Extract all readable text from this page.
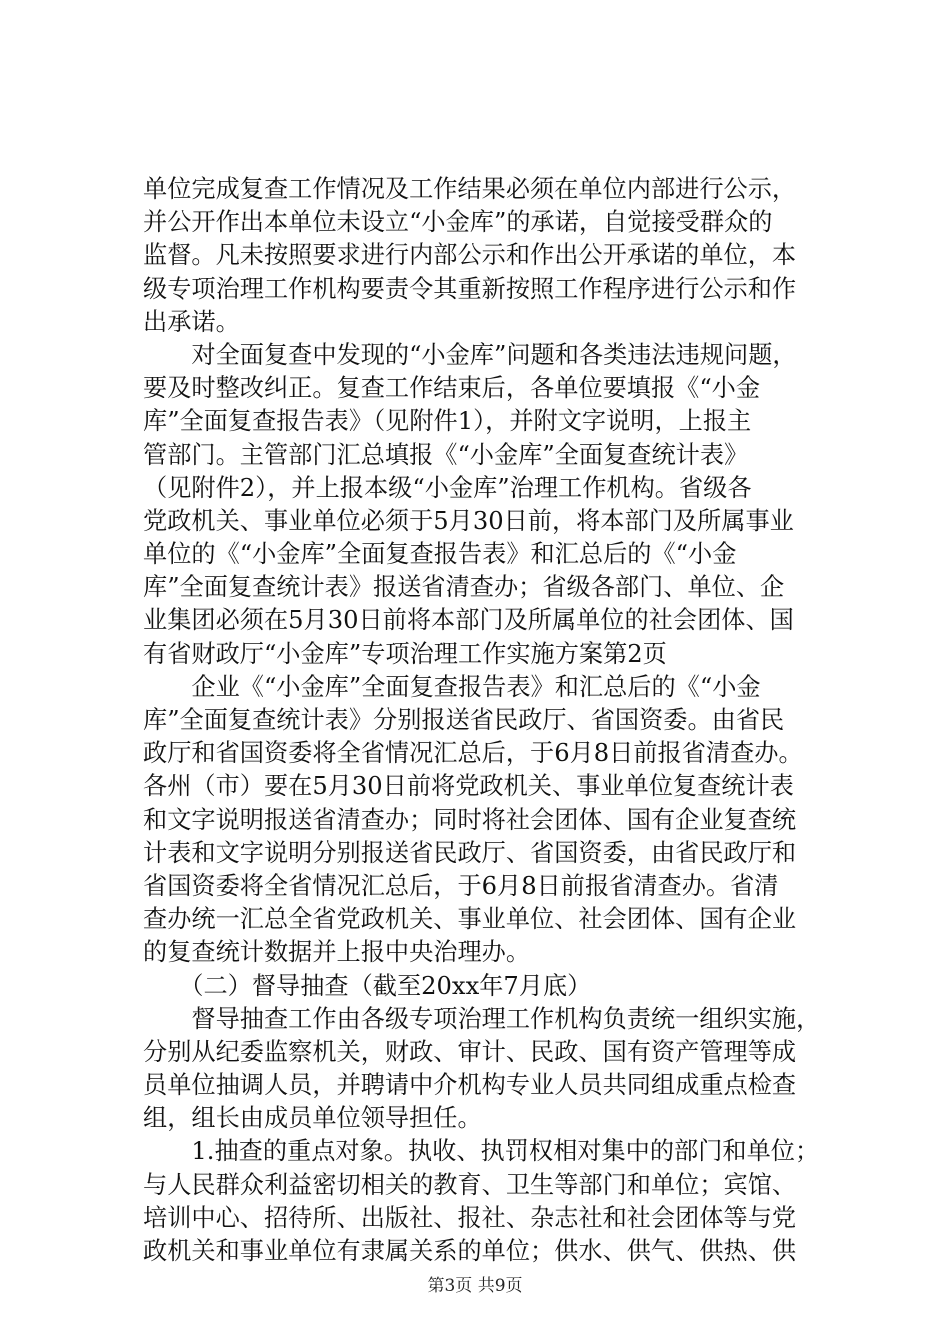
单位完成复查工作情况及工作结果必须在单位内部进行公示，
并公开作出本单位未设立“小金库”的承诺，自觉接受群众的
监督。凡未按照要求进行内部公示和作出公开承诺的单位，本
级专项治理工作机构要责令其重新按照工作程序进行公示和作
出承诺。
　　对全面复查中发现的“小金库”问题和各类违法违规问题，
要及时整改纠正。复查工作结束后，各单位要填报《“小金
库”全面复查报告表》（见附件1），并附文字说明，上报主
管部门。主管部门汇总填报《“小金库”全面复查统计表》
（见附件2），并上报本级“小金库”治理工作机构。省级各
党政机关、事业单位必须于5月30日前，将本部门及所属事业
单位的《“小金库”全面复查报告表》和汇总后的《“小金
库”全面复查统计表》报送省清查办；省级各部门、单位、企
业集团必须在5月30日前将本部门及所属单位的社会团体、国
有省财政厅“小金库”专项治理工作实施方案第2页
　　企业《“小金库”全面复查报告表》和汇总后的《“小金
库”全面复查统计表》分别报送省民政厅、省国资委。由省民
政厅和省国资委将全省情况汇总后，于6月8日前报省清查办。
各州（市）要在5月30日前将党政机关、事业单位复查统计表
和文字说明报送省清查办；同时将社会团体、国有企业复查统
计表和文字说明分别报送省民政厅、省国资委，由省民政厅和
省国资委将全省情况汇总后，于6月8日前报省清查办。省清
查办统一汇总全省党政机关、事业单位、社会团体、国有企业
的复查统计数据并上报中央治理办。
　　（二）督导抽查（截至20xx年7月底）
　　督导抽查工作由各级专项治理工作机构负责统一组织实施，
分别从纪委监察机关，财政、审计、民政、国有资产管理等成
员单位抽调人员，并聘请中介机构专业人员共同组成重点检查
组，组长由成员单位领导担任。
　　1.抽查的重点对象。执收、执罚权相对集中的部门和单位；
与人民群众利益密切相关的教育、卫生等部门和单位；宾馆、
培训中心、招待所、出版社、报社、杂志社和社会团体等与党
政机关和事业单位有隶属关系的单位；供水、供气、供热、供
第3页 共9页
